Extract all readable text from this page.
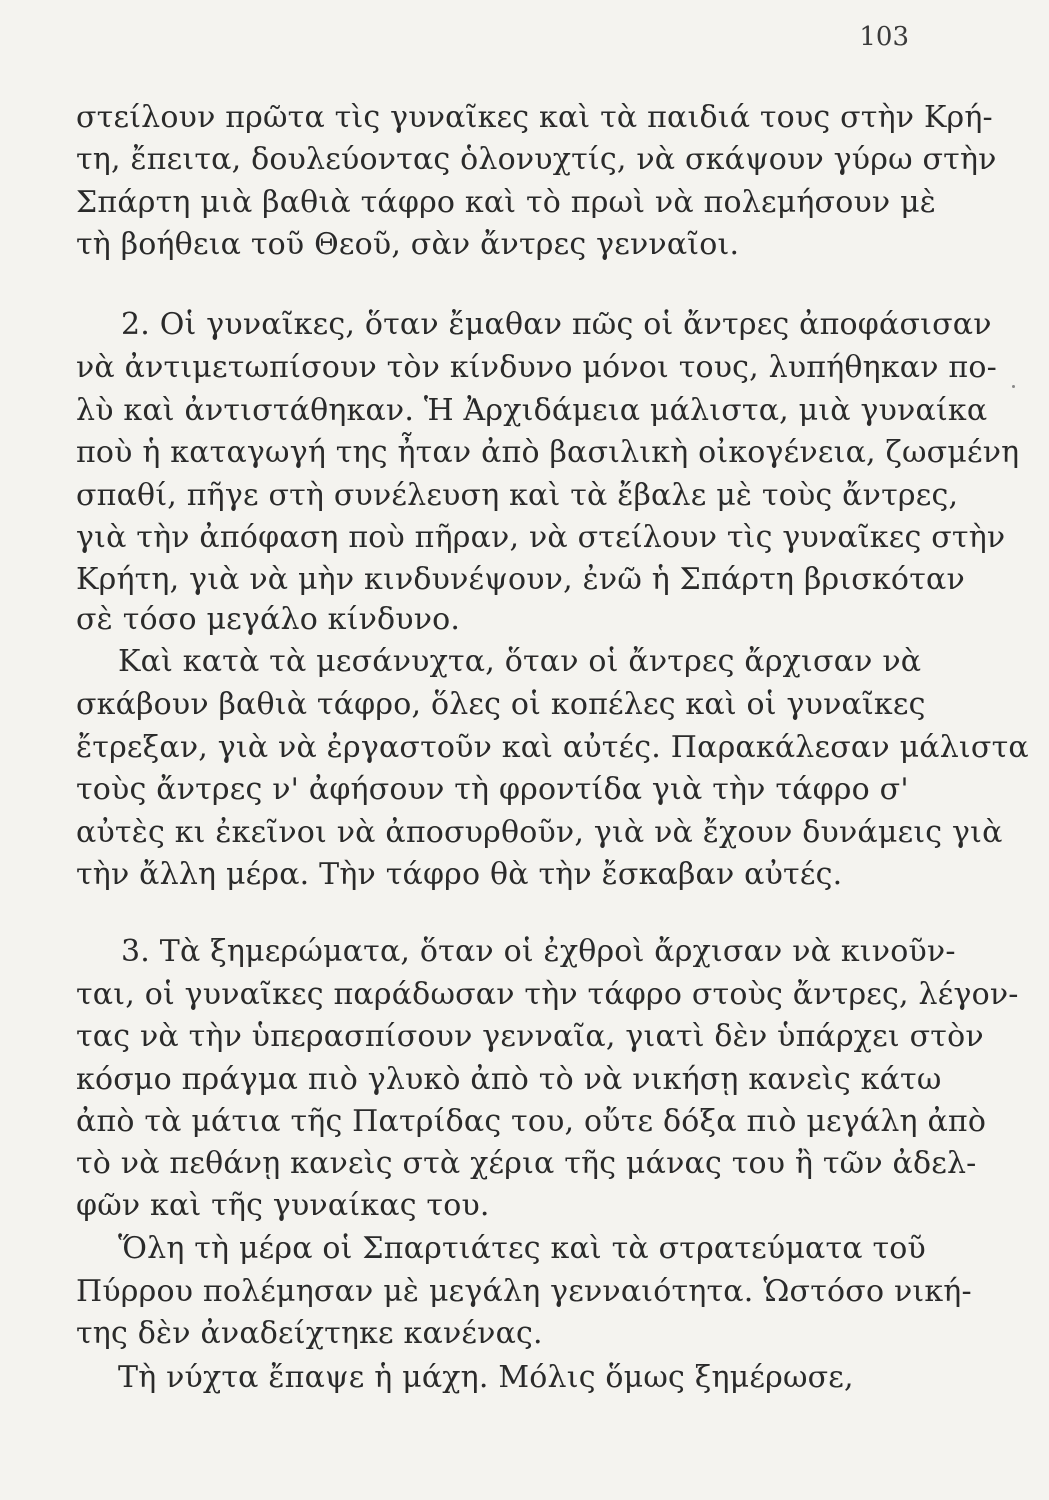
103
στείλουν πρῶτα τὶς γυναῖκες καὶ τὰ παιδιά τους στὴν Κρή-
τη, ἔπειτα, δουλεύοντας ὁλονυχτίς, νὰ σκάψουν γύρω στὴν
Σπάρτη μιὰ βαθιὰ τάφρο καὶ τὸ πρωὶ νὰ πολεμήσουν μὲ
τὴ βοήθεια τοῦ Θεοῦ, σὰν ἄντρες γενναῖοι.
2. Οἱ γυναῖκες, ὅταν ἔμαθαν πῶς οἱ ἄντρες ἀποφάσισαν
νὰ ἀντιμετωπίσουν τὸν κίνδυνο μόνοι τους, λυπήθηκαν πο-
λὺ καὶ ἀντιστάθηκαν. Ἡ Ἀρχιδάμεια μάλιστα, μιὰ γυναίκα
ποὺ ἡ καταγωγή της ἦταν ἀπὸ βασιλικὴ οἰκογένεια, ζωσμένη
σπαθί, πῆγε στὴ συνέλευση καὶ τὰ ἔβαλε μὲ τοὺς ἄντρες,
γιὰ τὴν ἀπόφαση ποὺ πῆραν, νὰ στείλουν τὶς γυναῖκες στὴν
Κρήτη, γιὰ νὰ μὴν κινδυνέψουν, ἐνῶ ἡ Σπάρτη βρισκόταν
σὲ τόσο μεγάλο κίνδυνο.
Καὶ κατὰ τὰ μεσάνυχτα, ὅταν οἱ ἄντρες ἄρχισαν νὰ
σκάβουν βαθιὰ τάφρο, ὅλες οἱ κοπέλες καὶ οἱ γυναῖκες
ἔτρεξαν, γιὰ νὰ ἐργαστοῦν καὶ αὐτές. Παρακάλεσαν μάλιστα
τοὺς ἄντρες ν' ἀφήσουν τὴ φροντίδα γιὰ τὴν τάφρο σ'
αὐτὲς κι ἐκεῖνοι νὰ ἀποσυρθοῦν, γιὰ νὰ ἔχουν δυνάμεις γιὰ
τὴν ἄλλη μέρα. Τὴν τάφρο θὰ τὴν ἔσκαβαν αὐτές.
3. Τὰ ξημερώματα, ὅταν οἱ ἐχθροὶ ἄρχισαν νὰ κινοῦν-
ται, οἱ γυναῖκες παράδωσαν τὴν τάφρο στοὺς ἄντρες, λέγον-
τας νὰ τὴν ὑπερασπίσουν γενναῖα, γιατὶ δὲν ὑπάρχει στὸν
κόσμο πράγμα πιὸ γλυκὸ ἀπὸ τὸ νὰ νικήσῃ κανεὶς κάτω
ἀπὸ τὰ μάτια τῆς Πατρίδας του, οὔτε δόξα πιὸ μεγάλη ἀπὸ
τὸ νὰ πεθάνῃ κανεὶς στὰ χέρια τῆς μάνας του ἢ τῶν ἀδελ-
φῶν καὶ τῆς γυναίκας του.
Ὅλη τὴ μέρα οἱ Σπαρτιάτες καὶ τὰ στρατεύματα τοῦ
Πύρρου πολέμησαν μὲ μεγάλη γενναιότητα. Ὡστόσο νική-
της δὲν ἀναδείχτηκε κανένας.
Τὴ νύχτα ἔπαψε ἡ μάχη. Μόλις ὅμως ξημέρωσε,
